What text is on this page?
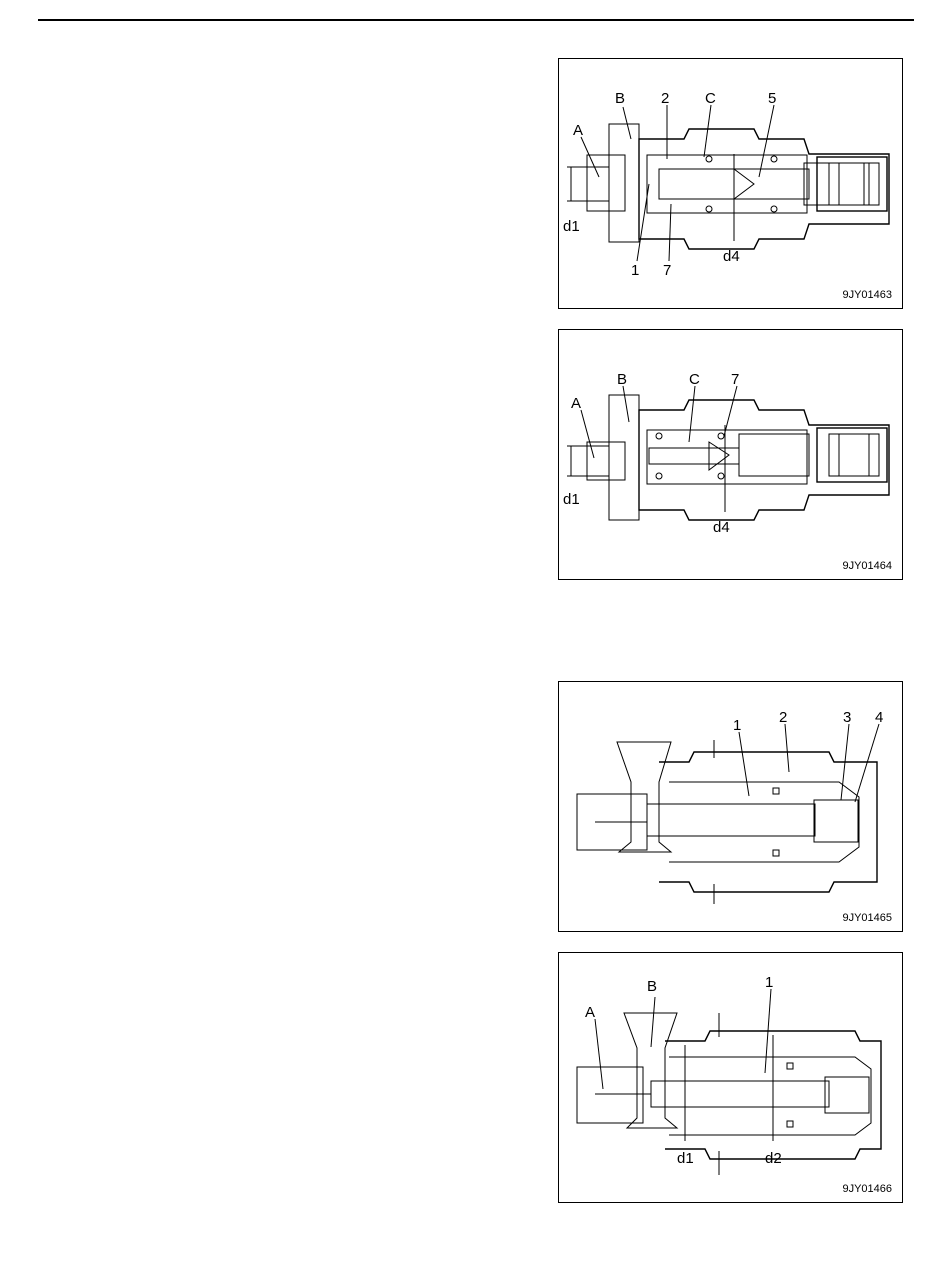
A
B 2 C	5
d1
1 7
d4
9JY01463
A
B	C 7
d1
d4
9JY01464
1	2	3 4
9JY01465
B	1
A
d1	d2
9JY01466
